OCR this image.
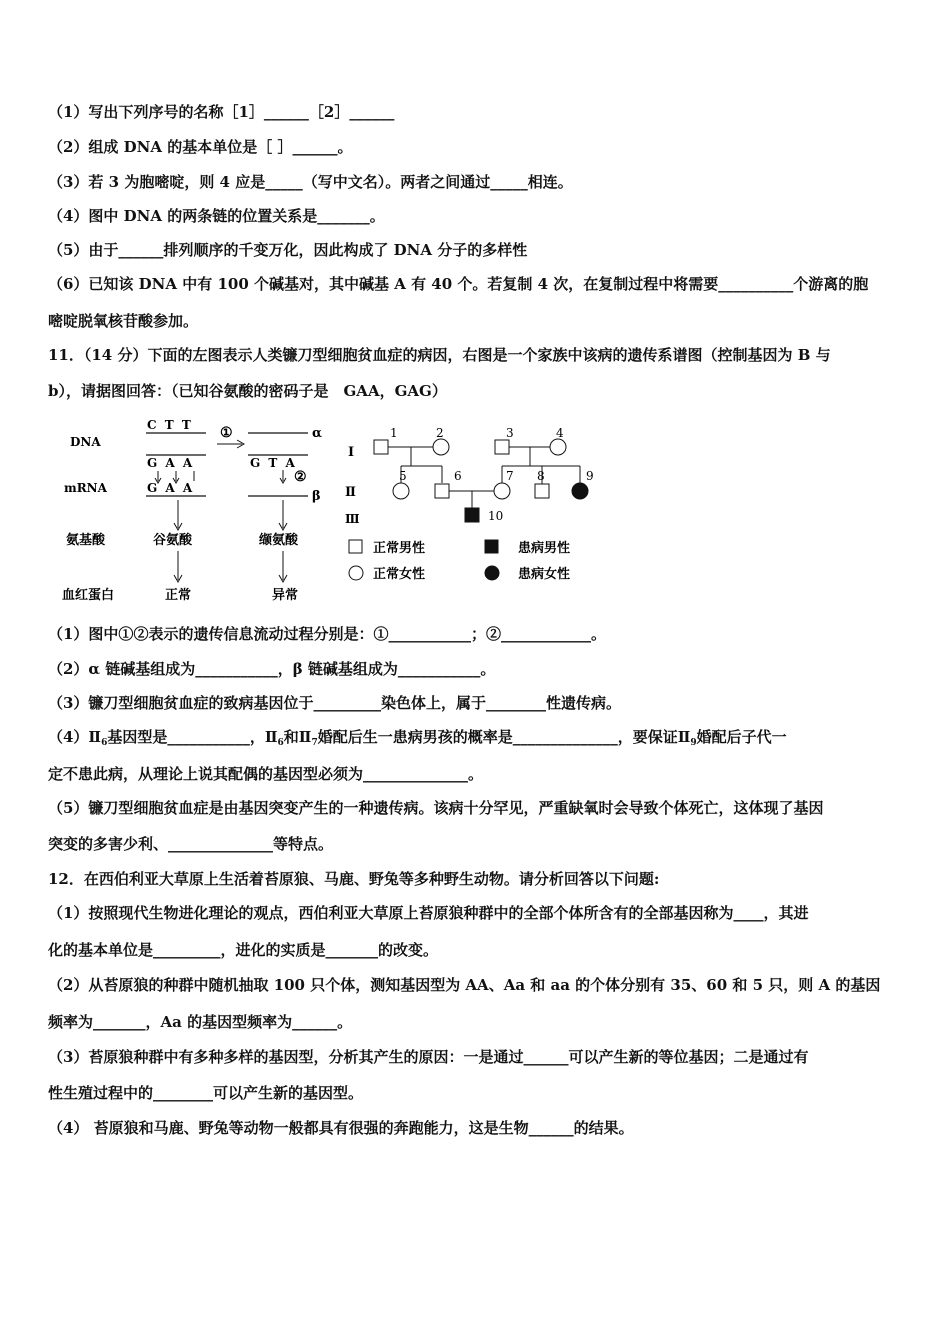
（1）写出下列序号的名称［1］______［2］______
（2）组成 DNA 的基本单位是［ ］______。
（3）若 3 为胞嘧啶，则 4 应是_____（写中文名）。两者之间通过_____相连。
（4）图中 DNA 的两条链的位置关系是_______。
（5）由于______排列顺序的千变万化，因此构成了 DNA 分子的多样性
（6）已知该 DNA 中有 100 个碱基对，其中碱基 A 有 40 个。若复制 4 次，在复制过程中将需要__________个游离的胞
嘧啶脱氧核苷酸参加。
11．（14 分）下面的左图表示人类镰刀型细胞贫血症的病因，右图是一个家族中该病的遗传系谱图（控制基因为 B 与
b），请据图回答：（已知谷氨酸的密码子是　GAA，GAG）
DNA
mRNA
氨基酸
血红蛋白
C T T
G A A
G A A
谷氨酸
正常
①	α
G T A
②
β
缬氨酸
异常
Ⅰ
Ⅱ
Ⅲ
1	2
5	6
3	4
7 8	9
10
正常男性	患病男性
正常女性	患病女性
（1）图中①②表示的遗传信息流动过程分别是：①___________；②____________。
（2）α 链碱基组成为___________，β 链碱基组成为___________。
（3）镰刀型细胞贫血症的致病基因位于_________染色体上，属于________性遗传病。
$(4)Ⅱ_6$基因型是___________，$Ⅱ_6$和$Ⅱ_7$婚配后生一患病男孩的概率是______________，要保证$Ⅱ_9$婚配后子代一
定不患此病，从理论上说其配偶的基因型必须为______________。
（5）镰刀型细胞贫血症是由基因突变产生的一种遗传病。该病十分罕见，严重缺氧时会导致个体死亡，这体现了基因
突变的多害少利、______________等特点。
12．在西伯利亚大草原上生活着苔原狼、马鹿、野兔等多种野生动物。请分析回答以下问题:
（1）按照现代生物进化理论的观点，西伯利亚大草原上苔原狼种群中的全部个体所含有的全部基因称为____，其进
化的基本单位是_________，进化的实质是_______的改变。
（2）从苔原狼的种群中随机抽取 100 只个体，测知基因型为 AA、Aa 和 aa 的个体分别有 35、60 和 5 只，则 A 的基因
频率为_______，Aa 的基因型频率为______。
（3）苔原狼种群中有多种多样的基因型，分析其产生的原因：一是通过______可以产生新的等位基因；二是通过有
性生殖过程中的________可以产生新的基因型。
（4） 苔原狼和马鹿、野兔等动物一般都具有很强的奔跑能力，这是生物______的结果。
